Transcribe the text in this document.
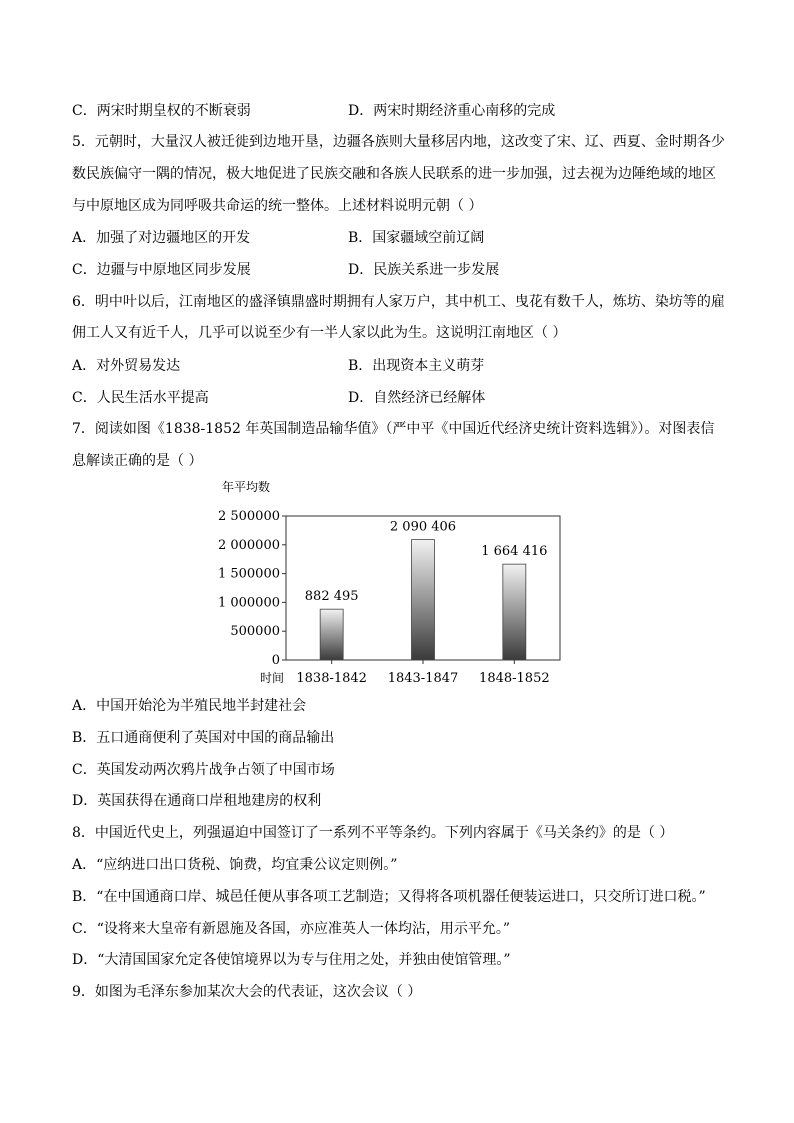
C．两宋时期皇权的不断衰弱	D．两宋时期经济重心南移的完成
5．元朝时，大量汉人被迁徙到边地开垦，边疆各族则大量移居内地，这改变了宋、辽、西夏、金时期各少
数民族偏守一隅的情况，极大地促进了民族交融和各族人民联系的进一步加强，过去视为边陲绝域的地区
与中原地区成为同呼吸共命运的统一整体。上述材料说明元朝（ ）
A．加强了对边疆地区的开发	B．国家疆域空前辽阔
C．边疆与中原地区同步发展	D．民族关系进一步发展
6．明中叶以后，江南地区的盛泽镇鼎盛时期拥有人家万户，其中机工、曳花有数千人，炼坊、染坊等的雇
佣工人又有近千人，几乎可以说至少有一半人家以此为生。这说明江南地区（ ）
A．对外贸易发达	B．出现资本主义萌芽
C．人民生活水平提高	D．自然经济已经解体
7．阅读如图《1838-1852 年英国制造品输华值》（严中平《中国近代经济史统计资料选辑》）。对图表信
息解读正确的是（ ）
年平均数
0
500000
1 000000
1 500000
2 000000
2 500000
882 495
1838-1842
2 090 406
1843-1847
1 664 416
1848-1852
时间
A．中国开始沦为半殖民地半封建社会
B．五口通商便利了英国对中国的商品输出
C．英国发动两次鸦片战争占领了中国市场
D．英国获得在通商口岸租地建房的权利
8．中国近代史上，列强逼迫中国签订了一系列不平等条约。下列内容属于《马关条约》的是（ ）
A．“应纳进口出口货税、饷费，均宜秉公议定则例。”
B．“在中国通商口岸、城邑任便从事各项工艺制造；又得将各项机器任便装运进口，只交所订进口税。”
C．“设将来大皇帝有新恩施及各国，亦应准英人一体均沾，用示平允。”
D．“大清国国家允定各使馆境界以为专与住用之处，并独由使馆管理。”
9．如图为毛泽东参加某次大会的代表证，这次会议（ ）
